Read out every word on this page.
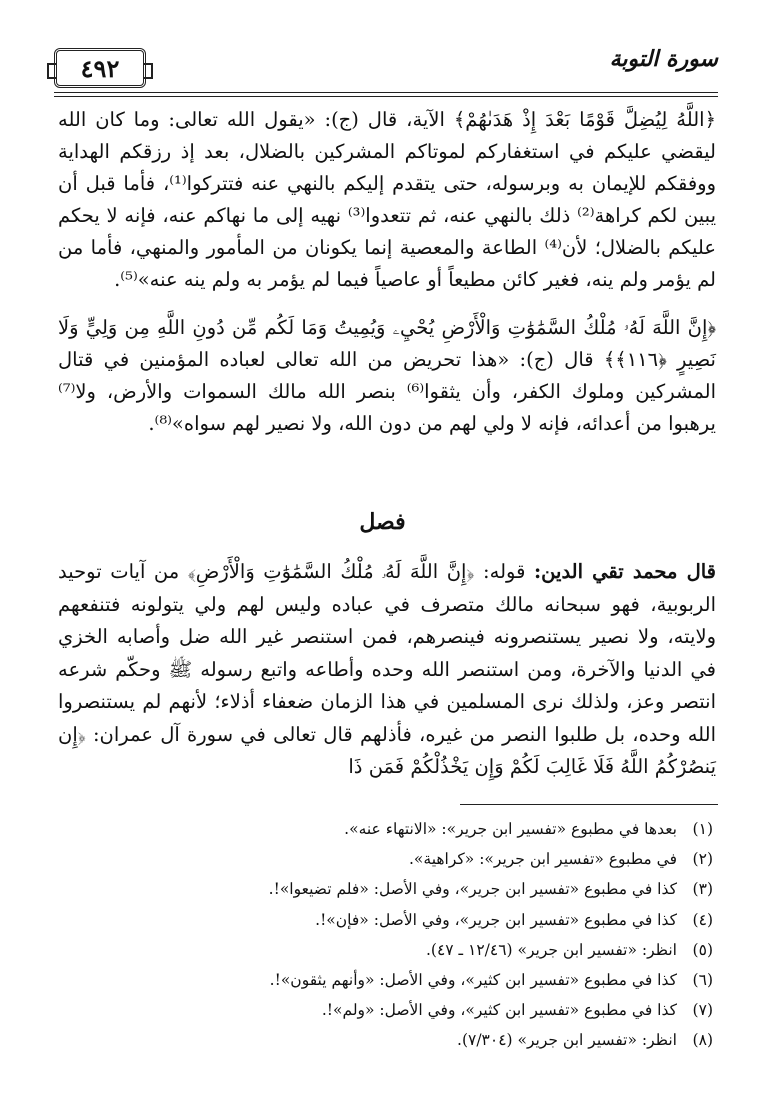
٤٩٢	سورة التوبة

﴿اللَّهُ لِيُضِلَّ قَوْمًا بَعْدَ إِذْ هَدَىٰهُمْ﴾ الآية، قال (ج): «يقول الله تعالى: وما كان الله ليقضي عليكم في استغفاركم لموتاكم المشركين بالضلال، بعد إذ رزقكم الهداية ووفقكم للإيمان به وبرسوله، حتى يتقدم إليكم بالنهي عنه فتتركوا⁽¹⁾، فأما قبل أن يبين لكم كراهة⁽²⁾ ذلك بالنهي عنه، ثم تتعدوا⁽³⁾ نهيه إلى ما نهاكم عنه، فإنه لا يحكم عليكم بالضلال؛ لأن⁽⁴⁾ الطاعة والمعصية إنما يكونان من المأمور والمنهي، فأما من لم يؤمر ولم ينه، فغير كائن مطيعاً أو عاصياً فيما لم يؤمر به ولم ينه عنه»⁽⁵⁾.

﴿إِنَّ اللَّهَ لَهُۥ مُلْكُ السَّمَٰوَٰتِ وَالْأَرْضِ يُحْيِۦ وَيُمِيتُ وَمَا لَكُم مِّن دُونِ اللَّهِ مِن وَلِيٍّ وَلَا نَصِيرٍ ﴿١١٦﴾﴾ قال (ج): «هذا تحريض من الله تعالى لعباده المؤمنين في قتال المشركين وملوك الكفر، وأن يثقوا⁽⁶⁾ بنصر الله مالك السموات والأرض، ولا⁽⁷⁾ يرهبوا من أعدائه، فإنه لا ولي لهم من دون الله، ولا نصير لهم سواه»⁽⁸⁾.

فصل

قال محمد تقي الدين: قوله: ﴿إِنَّ اللَّهَ لَهُۥ مُلْكُ السَّمَٰوَٰتِ وَالْأَرْضِ﴾ من آيات توحيد الربوبية، فهو سبحانه مالك متصرف في عباده وليس لهم ولي يتولونه فتنفعهم ولايته، ولا نصير يستنصرونه فينصرهم، فمن استنصر غير الله ضل وأصابه الخزي في الدنيا والآخرة، ومن استنصر الله وحده وأطاعه واتبع رسوله ﷺ وحكّم شرعه انتصر وعز، ولذلك نرى المسلمين في هذا الزمان ضعفاء أذلاء؛ لأنهم لم يستنصروا الله وحده، بل طلبوا النصر من غيره، فأذلهم قال تعالى في سورة آل عمران: ﴿إِن يَنصُرْكُمُ اللَّهُ فَلَا غَالِبَ لَكُمْ وَإِن يَخْذُلْكُمْ فَمَن ذَا

(١)
بعدها في مطبوع «تفسير ابن جرير»: «الانتهاء عنه».
(٢)
في مطبوع «تفسير ابن جرير»: «كراهية».
(٣)
كذا في مطبوع «تفسير ابن جرير»، وفي الأصل: «فلم تضيعوا»!.
(٤)
كذا في مطبوع «تفسير ابن جرير»، وفي الأصل: «فإن»!.
(٥)
انظر: «تفسير ابن جرير» (١٢/٤٦ ـ ٤٧).
(٦)
كذا في مطبوع «تفسير ابن كثير»، وفي الأصل: «وأنهم يثقون»!.
(٧)
كذا في مطبوع «تفسير ابن كثير»، وفي الأصل: «ولم»!.
(٨)
انظر: «تفسير ابن جرير» (٧/٣٠٤).
